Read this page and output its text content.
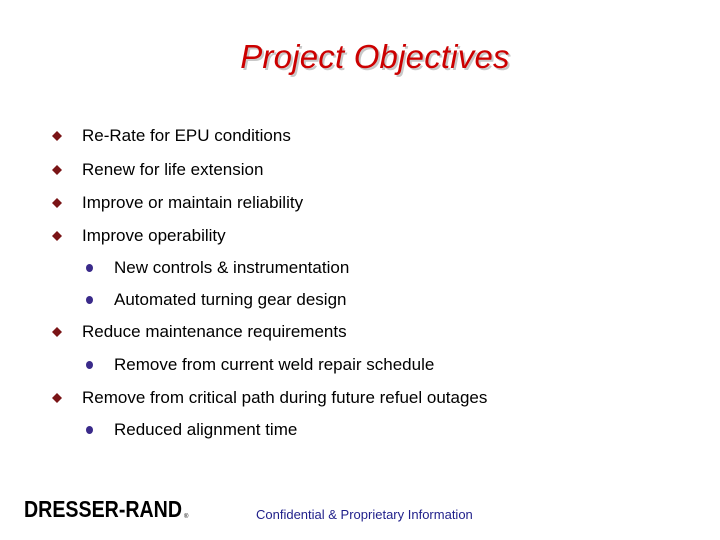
Project Objectives
Re-Rate for EPU conditions
Renew for life extension
Improve or maintain reliability
Improve operability
New controls & instrumentation
Automated turning gear design
Reduce maintenance requirements
Remove from current weld repair schedule
Remove from critical path during future refuel outages
Reduced alignment time
DRESSER-RAND ®	Confidential & Proprietary Information
